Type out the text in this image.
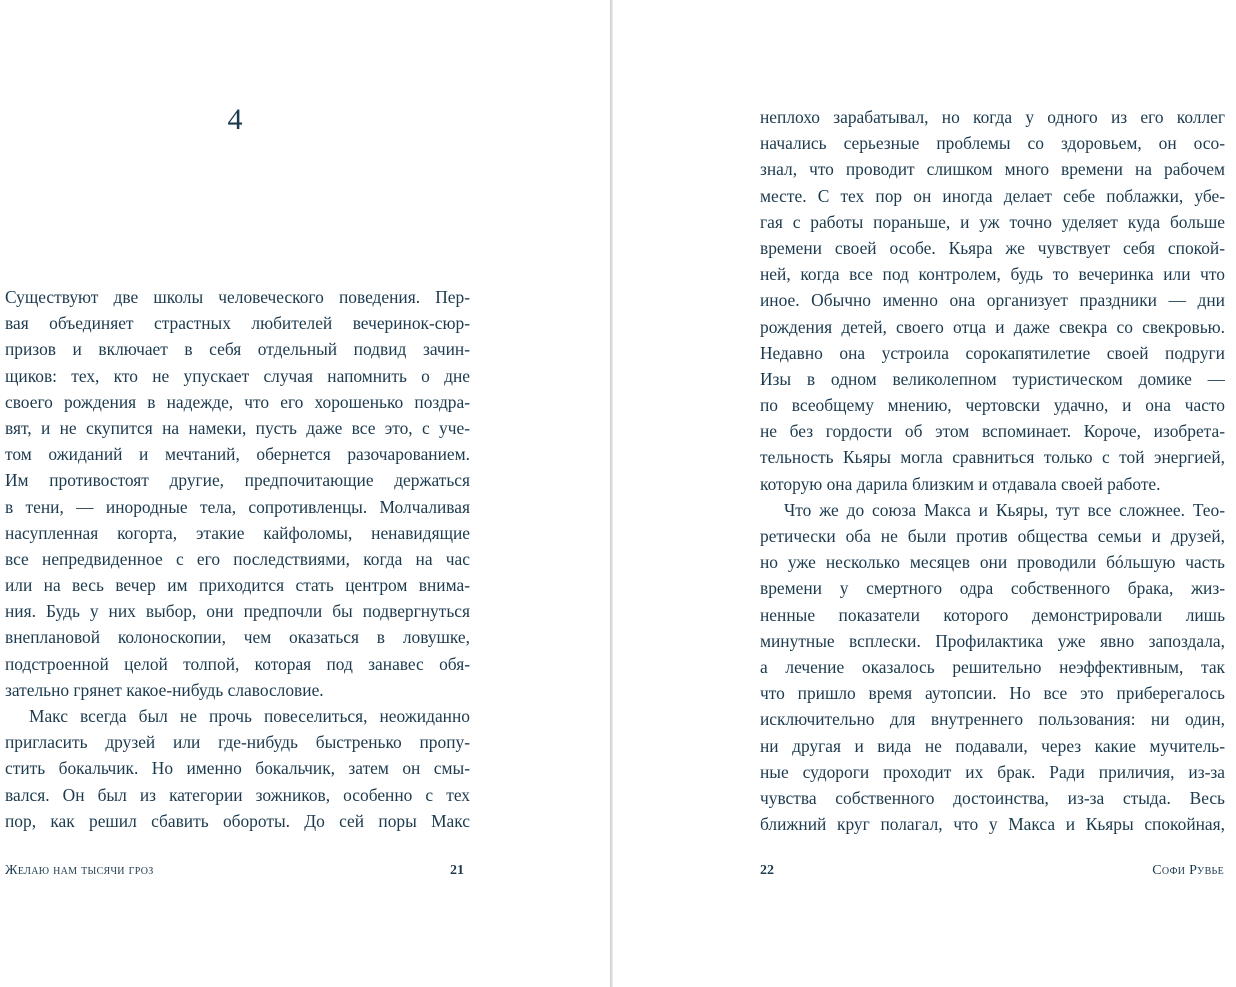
4
Существуют две школы человеческого поведения. Пер-
вая объединяет страстных любителей вечеринок-сюр-
призов и включает в себя отдельный подвид зачин-
щиков: тех, кто не упускает случая напомнить о дне
своего рождения в надежде, что его хорошенько поздра-
вят, и не скупится на намеки, пусть даже все это, с уче-
том ожиданий и мечтаний, обернется разочарованием.
Им противостоят другие, предпочитающие держаться
в тени, — инородные тела, сопротивленцы. Молчаливая
насупленная когорта, этакие кайфоломы, ненавидящие
все непредвиденное с его последствиями, когда на час
или на весь вечер им приходится стать центром внима-
ния. Будь у них выбор, они предпочли бы подвергнуться
внеплановой колоноскопии, чем оказаться в ловушке,
подстроенной целой толпой, которая под занавес обя-
зательно грянет какое-нибудь славословие.
Макс всегда был не прочь повеселиться, неожиданно
пригласить друзей или где-нибудь быстренько пропу-
стить бокальчик. Но именно бокальчик, затем он смы-
вался. Он был из категории зожников, особенно с тех
пор, как решил сбавить обороты. До сей поры Макс
Желаю нам тысячи гроз	21
неплохо зарабатывал, но когда у одного из его коллег
начались серьезные проблемы со здоровьем, он осо-
знал, что проводит слишком много времени на рабочем
месте. С тех пор он иногда делает себе поблажки, убе-
гая с работы пораньше, и уж точно уделяет куда больше
времени своей особе. Кьяра же чувствует себя спокой-
ней, когда все под контролем, будь то вечеринка или что
иное. Обычно именно она организует праздники — дни
рождения детей, своего отца и даже свекра со свекровью.
Недавно она устроила сорокапятилетие своей подруги
Изы в одном великолепном туристическом домике —
по всеобщему мнению, чертовски удачно, и она часто
не без гордости об этом вспоминает. Короче, изобрета-
тельность Кьяры могла сравниться только с той энергией,
которую она дарила близким и отдавала своей работе.
Что же до союза Макса и Кьяры, тут все сложнее. Тео-
ретически оба не были против общества семьи и друзей,
но уже несколько месяцев они проводили бóльшую часть
времени у смертного одра собственного брака, жиз-
ненные показатели которого демонстрировали лишь
минутные всплески. Профилактика уже явно запоздала,
а лечение оказалось решительно неэффективным, так
что пришло время аутопсии. Но все это приберегалось
исключительно для внутреннего пользования: ни один,
ни другая и вида не подавали, через какие мучитель-
ные судороги проходит их брак. Ради приличия, из-за
чувства собственного достоинства, из-за стыда. Весь
ближний круг полагал, что у Макса и Кьяры спокойная,
22	Софи Рувье
